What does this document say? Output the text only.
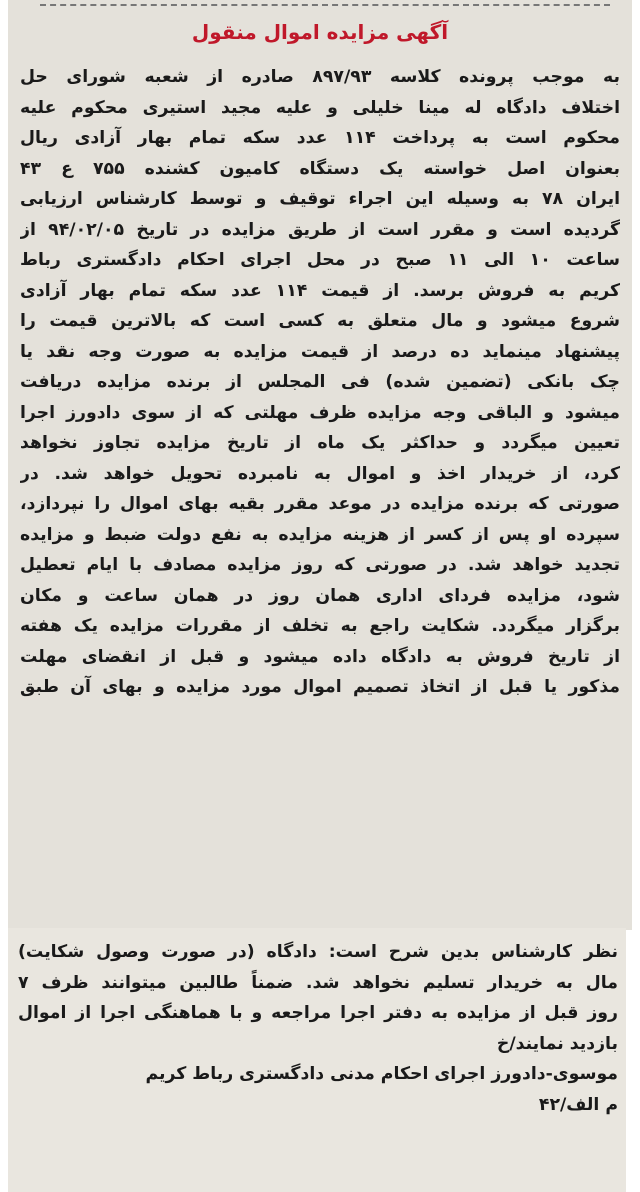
آگهی مزایده اموال منقول
به موجب پرونده کلاسه ۸۹۷/۹۳ صادره از شعبه شورای حل
اختلاف دادگاه له مینا خلیلی و علیه مجید استیری محکوم علیه
محکوم است به پرداخت ۱۱۴ عدد سکه تمام بهار آزادی ریال
بعنوان اصل خواسته یک دستگاه کامیون کشنده ۷۵۵ ع ۴۳
ایران ۷۸ به وسیله این اجراء توقیف و توسط کارشناس ارزیابی
گردیده است و مقرر است از طریق مزایده در تاریخ ۹۴/۰۲/۰۵ از
ساعت ۱۰ الی ۱۱ صبح در محل اجرای احکام دادگستری رباط
کریم به فروش برسد. از قیمت ۱۱۴ عدد سکه تمام بهار آزادی
شروع میشود و مال متعلق به کسی است که بالاترین قیمت را
پیشنهاد مینماید ده درصد از قیمت مزایده به صورت وجه نقد یا
چک بانکی (تضمین شده) فی المجلس از برنده مزایده دریافت
میشود و الباقی وجه مزایده ظرف مهلتی که از سوی دادورز اجرا
تعیین میگردد و حداکثر یک ماه از تاریخ مزایده تجاوز نخواهد
کرد، از خریدار اخذ و اموال به نامبرده تحویل خواهد شد. در
صورتی که برنده مزایده در موعد مقرر بقیه بهای اموال را نپردازد،
سپرده او پس از کسر از هزینه مزایده به نفع دولت ضبط و مزایده
تجدید خواهد شد. در صورتی که روز مزایده مصادف با ایام تعطیل
شود، مزایده فردای اداری همان روز در همان ساعت و مکان
برگزار میگردد. شکایت راجع به تخلف از مقررات مزایده یک هفته
از تاریخ فروش به دادگاه داده میشود و قبل از انقضای مهلت
مذکور یا قبل از اتخاذ تصمیم اموال مورد مزایده و بهای آن طبق
نظر کارشناس بدین شرح است: دادگاه (در صورت وصول شکایت)
مال به خریدار تسلیم نخواهد شد. ضمناً طالبین میتوانند ظرف ۷
روز قبل از مزایده به دفتر اجرا مراجعه و با هماهنگی اجرا از اموال
بازدید نمایند/خ
موسوی-دادورز اجرای احکام مدنی دادگستری رباط کریم
م الف/۴۲
